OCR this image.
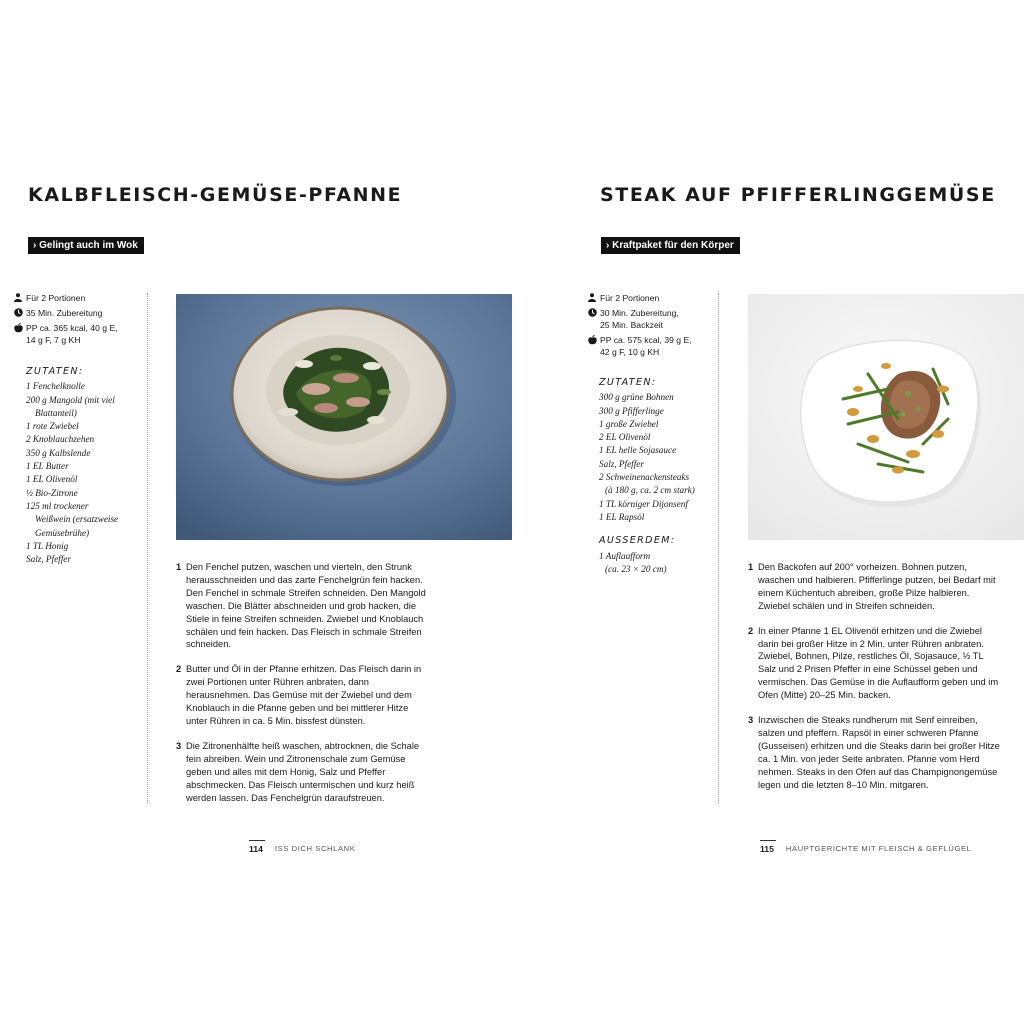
KALBFLEISCH-GEMÜSE-PFANNE
› Gelingt auch im Wok
Für 2 Portionen
35 Min. Zubereitung
PP ca. 365 kcal, 40 g E,
14 g F, 7 g KH
ZUTATEN:
1 Fenchelknolle
200 g Mangold (mit viel
Blattanteil)
1 rote Zwiebel
2 Knoblauchzehen
350 g Kalbslende
1 EL Butter
1 EL Olivenöl
½ Bio-Zitrone
125 ml trockener
Weißwein (ersatzweise
Gemüsebrühe)
1 TL Honig
Salz, Pfeffer
1 Den Fenchel putzen, waschen und vierteln, den Strunk herausschneiden und das zarte Fenchelgrün fein hacken. Den Fenchel in schmale Streifen schneiden. Den Mangold waschen. Die Blätter abschneiden und grob hacken, die Stiele in feine Streifen schneiden. Zwiebel und Knoblauch schälen und fein hacken. Das Fleisch in schmale Streifen schneiden.
2 Butter und Öl in der Pfanne erhitzen. Das Fleisch darin in zwei Portionen unter Rühren anbraten, dann herausnehmen. Das Gemüse mit der Zwiebel und dem Knoblauch in die Pfanne geben und bei mittlerer Hitze unter Rühren in ca. 5 Min. bissfest dünsten.
3 Die Zitronenhälfte heiß waschen, abtrocknen, die Schale fein abreiben. Wein und Zitronenschale zum Gemüse geben und alles mit dem Honig, Salz und Pfeffer abschmecken. Das Fleisch untermischen und kurz heiß werden lassen. Das Fenchelgrün daraufstreuen.
114 ISS DICH SCHLANK
STEAK AUF PFIFFERLINGGEMÜSE
› Kraftpaket für den Körper
Für 2 Portionen
30 Min. Zubereitung,
25 Min. Backzeit
PP ca. 575 kcal, 39 g E,
42 g F, 10 g KH
ZUTATEN:
300 g grüne Bohnen
300 g Pfifferlinge
1 große Zwiebel
2 EL Olivenöl
1 EL helle Sojasauce
Salz, Pfeffer
2 Schweinenackensteaks
(à 180 g, ca. 2 cm stark)
1 TL körniger Dijonsenf
1 EL Rapsöl
AUSSERDEM:
1 Auflaufform
(ca. 23 × 20 cm)	1 Den Backofen auf 200° vorheizen. Bohnen putzen, waschen und halbieren. Pfifferlinge putzen, bei Bedarf mit einem Küchentuch abreiben, große Pilze halbieren. Zwiebel schälen und in Streifen schneiden.
2 In einer Pfanne 1 EL Olivenöl erhitzen und die Zwiebel darin bei großer Hitze in 2 Min. unter Rühren anbraten. Zwiebel, Bohnen, Pilze, restliches Öl, Sojasauce, ½ TL Salz und 2 Prisen Pfeffer in eine Schüssel geben und vermischen. Das Gemüse in die Auflaufform geben und im Ofen (Mitte) 20–25 Min. backen.
3 Inzwischen die Steaks rundherum mit Senf einreiben, salzen und pfeffern. Rapsöl in einer schweren Pfanne (Gusseisen) erhitzen und die Steaks darin bei großer Hitze ca. 1 Min. von jeder Seite anbraten. Pfanne vom Herd nehmen. Steaks in den Ofen auf das Champignongemüse legen und die letzten 8–10 Min. mitgaren.
115 HAUPTGERICHTE MIT FLEISCH & GEFLÜGEL
